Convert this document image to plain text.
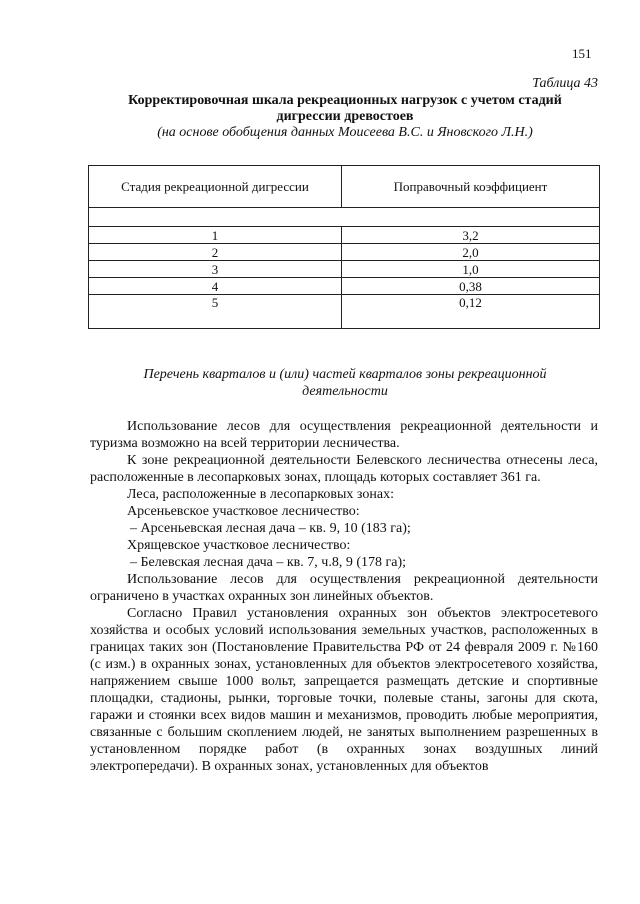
151
Таблица 43
Корректировочная шкала рекреационных нагрузок с учетом стадий
дигрессии древостоев
(на основе обобщения данных Моисеева В.С. и Яновского Л.Н.)
Стадия рекреационной дигрессии	Поправочный коэффициент

1	3,2
2	2,0
3	1,0
4	0,38
5	0,12
Перечень кварталов и (или) частей кварталов зоны рекреационной
деятельности

Использование лесов для осуществления рекреационной деятельности и туризма возможно на всей территории лесничества.

К зоне рекреационной деятельности Белевского лесничества отнесены леса, расположенные в лесопарковых зонах, площадь которых составляет 361 га.

Леса, расположенные в лесопарковых зонах:

Арсеньевское участковое лесничество:

– Арсеньевская лесная дача – кв. 9, 10 (183 га);

Хрящевское участковое лесничество:

– Белевская лесная дача – кв. 7, ч.8, 9 (178 га);

Использование лесов для осуществления рекреационной деятельности ограничено в участках охранных зон линейных объектов.

Согласно Правил установления охранных зон объектов электросетевого хозяйства и особых условий использования земельных участков, расположенных в границах таких зон (Постановление Правительства РФ от 24 февраля 2009 г. №160 (с изм.) в охранных зонах, установленных для объектов электросетевого хозяйства, напряжением свыше 1000 вольт, запрещается размещать детские и спортивные площадки, стадионы, рынки, торговые точки, полевые станы, загоны для скота, гаражи и стоянки всех видов машин и механизмов, проводить любые мероприятия, связанные с большим скоплением людей, не занятых выполнением разрешенных в установленном порядке работ (в охранных зонах воздушных линий электропередачи). В охранных зонах, установленных для объектов
